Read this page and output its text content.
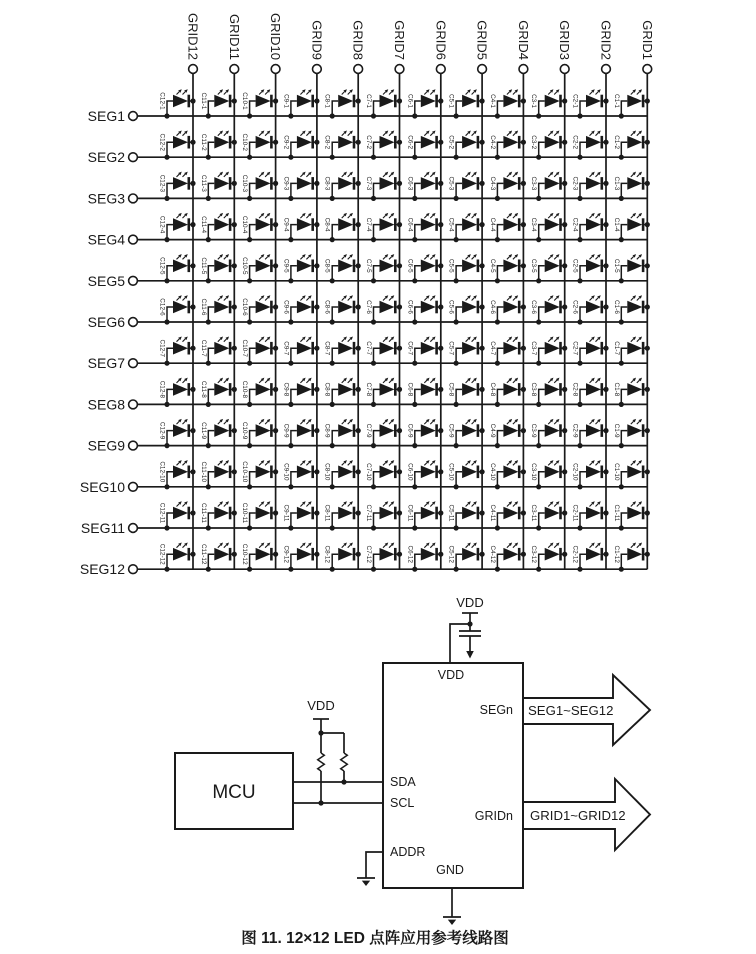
GRID12 GRID11 GRID10 GRID9 GRID8 GRID7 GRID6 GRID5 GRID4 GRID3 GRID2 GRID1
SEG1
SEG2
SEG3
SEG4
SEG5
SEG6
SEG7
SEG8
SEG9
SEG10
SEG11
SEG12
C12-1	C11-1	C10-1	C9-1	C8-1	C7-1	C6-1	C5-1	C4-1	C3-1	C2-1	C1-1
C12-2	C11-2	C10-2	C9-2	C8-2	C7-2	C6-2	C5-2	C4-2	C3-2	C2-2	C1-2
C12-3	C11-3	C10-3	C9-3	C8-3	C7-3	C6-3	C5-3	C4-3	C3-3	C2-3	C1-3
C12-4	C11-4	C10-4	C9-4	C8-4	C7-4	C6-4	C5-4	C4-4	C3-4	C2-4	C1-4
C12-5	C11-5	C10-5	C9-5	C8-5	C7-5	C6-5	C5-5	C4-5	C3-5	C2-5	C1-5
C12-6	C11-6	C10-6	C9-6	C8-6	C7-6	C6-6	C5-6	C4-6	C3-6	C2-6	C1-6
C12-7	C11-7	C10-7	C9-7	C8-7	C7-7	C6-7	C5-7	C4-7	C3-7	C2-7	C1-7
C12-8	C11-8	C10-8	C9-8	C8-8	C7-8	C6-8	C5-8	C4-8	C3-8	C2-8	C1-8
C12-9	C11-9	C10-9	C9-9	C8-9	C7-9	C6-9	C5-9	C4-9	C3-9	C2-9	C1-9
C12-10	C11-10	C10-10	C9-10	C8-10	C7-10	C6-10	C5-10	C4-10	C3-10	C2-10	C1-10
C12-11	C11-11	C10-11	C9-11	C8-11	C7-11	C6-11	C5-11	C4-11	C3-11	C2-11	C1-11
C12-12	C11-12	C10-12	C9-12	C8-12	C7-12	C6-12	C5-12	C4-12	C3-12	C2-12	C1-12
VDD
VDD
MCU
VDD
SEGn
SDA
SCL
ADDR
GRIDn
GND
SEG1~SEG12
GRID1~GRID12
图 11. 12×12 LED 点阵应用参考线路图
